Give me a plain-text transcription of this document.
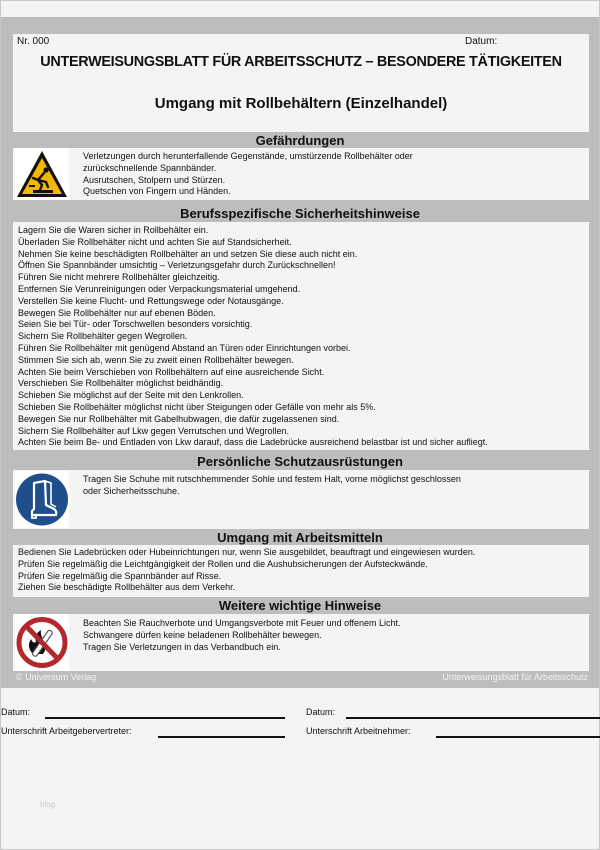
Nr. 000	Datum:
UNTERWEISUNGSBLATT FÜR ARBEITSSCHUTZ – BESONDERE TÄTIGKEITEN
Umgang mit Rollbehältern (Einzelhandel)
Gefährdungen
Verletzungen durch herunterfallende Gegenstände, umstürzende Rollbehälter oder
zurückschnellende Spannbänder.
Ausrutschen, Stolpern und Stürzen.
Quetschen von Fingern und Händen.
Berufsspezifische Sicherheitshinweise
Lagern Sie die Waren sicher in Rollbehälter ein.
Überladen Sie Rollbehälter nicht und achten Sie auf Standsicherheit.
Nehmen Sie keine beschädigten Rollbehälter an und setzen Sie diese auch nicht ein.
Öffnen Sie Spannbänder umsichtig – Verletzungsgefahr durch Zurückschnellen!
Führen Sie nicht mehrere Rollbehälter gleichzeitig.
Entfernen Sie Verunreinigungen oder Verpackungsmaterial umgehend.
Verstellen Sie keine Flucht- und Rettungswege oder Notausgänge.
Bewegen Sie Rollbehälter nur auf ebenen Böden.
Seien Sie bei Tür- oder Torschwellen besonders vorsichtig.
Sichern Sie Rollbehälter gegen Wegrollen.
Führen Sie Rollbehälter mit genügend Abstand an Türen oder Einrichtungen vorbei.
Stimmen Sie sich ab, wenn Sie zu zweit einen Rollbehälter bewegen.
Achten Sie beim Verschieben von Rollbehältern auf eine ausreichende Sicht.
Verschieben Sie Rollbehälter möglichst beidhändig.
Schieben Sie möglichst auf der Seite mit den Lenkrollen.
Schieben Sie Rollbehälter möglichst nicht über Steigungen oder Gefälle von mehr als 5%.
Bewegen Sie nur Rollbehälter mit Gabelhubwagen, die dafür zugelassenen sind.
Sichern Sie Rollbehälter auf Lkw gegen Verrutschen und Wegrollen.
Achten Sie beim Be- und Entladen von Lkw darauf, dass die Ladebrücke ausreichend belastbar ist und sicher aufliegt.
Persönliche Schutzausrüstungen
Tragen Sie Schuhe mit rutschhemmender Sohle und festem Halt, vorne möglichst geschlossen
oder Sicherheitsschuhe.
Umgang mit Arbeitsmitteln
Bedienen Sie Ladebrücken oder Hubeinrichtungen nur, wenn Sie ausgebildet, beauftragt und eingewiesen wurden.
Prüfen Sie regelmäßig die Leichtgängigkeit der Rollen und die Aushubsicherungen der Aufsteckwände.
Prüfen Sie regelmäßig die Spannbänder auf Risse.
Ziehen Sie beschädigte Rollbehälter aus dem Verkehr.
Weitere wichtige Hinweise
Beachten Sie Rauchverbote und Umgangsverbote mit Feuer und offenem Licht.
Schwangere dürfen keine beladenen Rollbehälter bewegen.
Tragen Sie Verletzungen in das Verbandbuch ein.
© Universum Verlag	Unterweisungsblatt für Arbeitsschutz
Datum:
Unterschrift Arbeitgebervertreter:
Datum:
Unterschrift Arbeitnehmer:
blog
